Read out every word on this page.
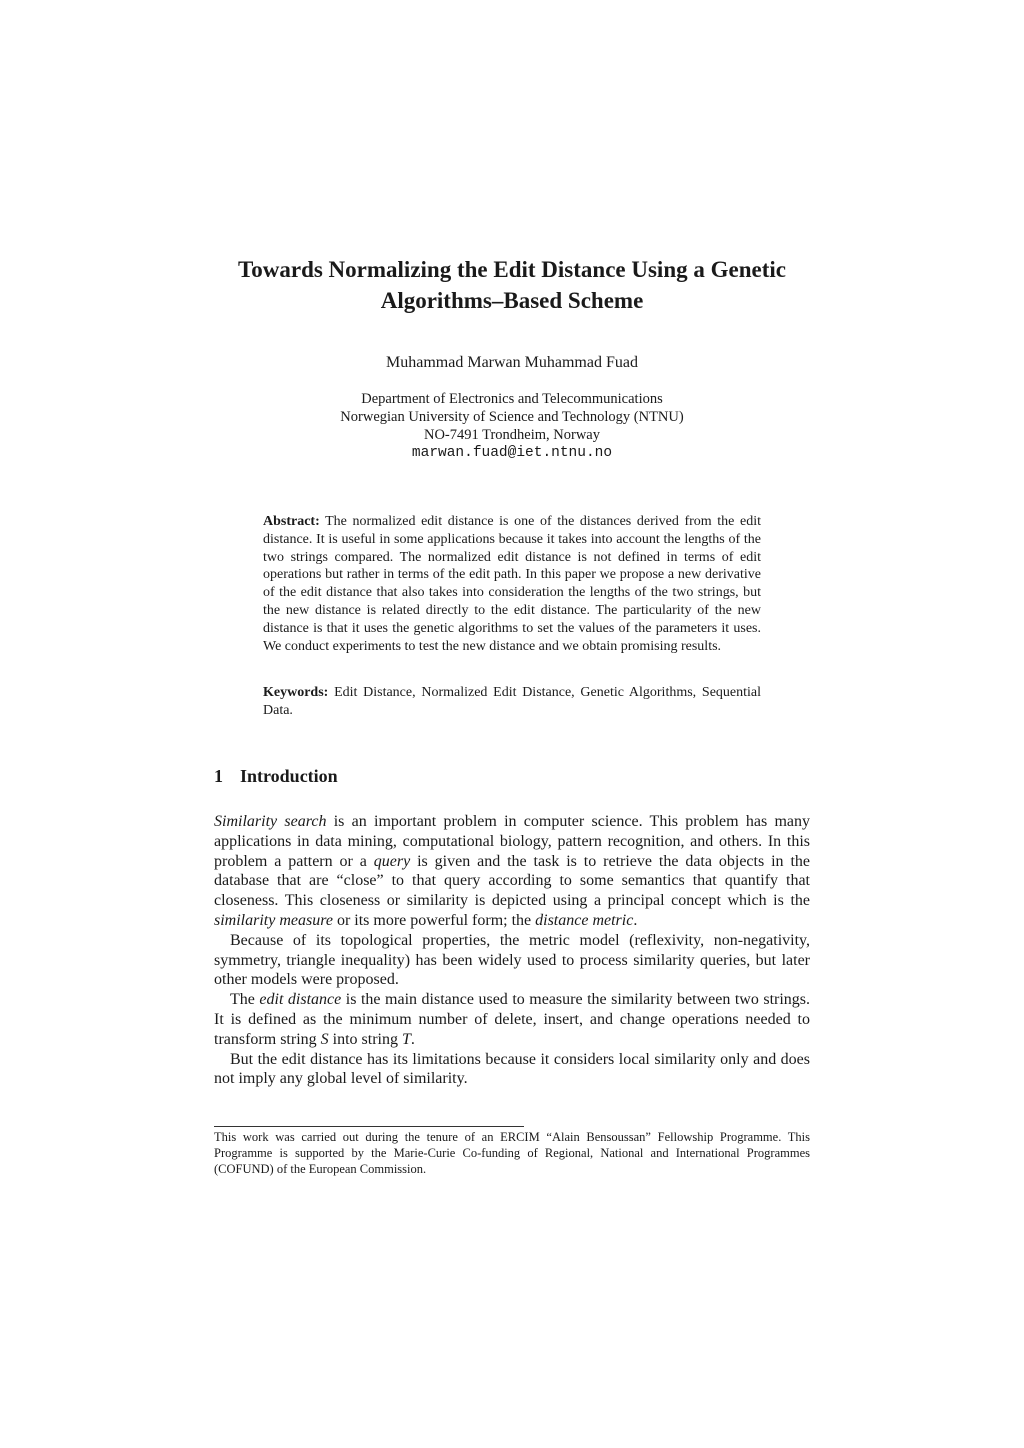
Towards Normalizing the Edit Distance Using a Genetic
Algorithms–Based Scheme
Muhammad Marwan Muhammad Fuad
Department of Electronics and Telecommunications
Norwegian University of Science and Technology (NTNU)
NO-7491 Trondheim, Norway
marwan.fuad@iet.ntnu.no

Abstract: The normalized edit distance is one of the distances derived from the edit distance. It is useful in some applications because it takes into account the lengths of the two strings compared. The normalized edit distance is not defined in terms of edit operations but rather in terms of the edit path. In this paper we propose a new derivative of the edit distance that also takes into consideration the lengths of the two strings, but the new distance is related directly to the edit distance. The particularity of the new distance is that it uses the genetic algorithms to set the values of the parameters it uses. We conduct experiments to test the new distance and we obtain promising results.

Keywords: Edit Distance, Normalized Edit Distance, Genetic Algorithms, Sequential Data.

1 Introduction

Similarity search is an important problem in computer science. This problem has many applications in data mining, computational biology, pattern recognition, and others. In this problem a pattern or a query is given and the task is to retrieve the data objects in the database that are “close” to that query according to some semantics that quantify that closeness. This closeness or similarity is depicted using a principal concept which is the similarity measure or its more powerful form; the distance metric.

Because of its topological properties, the metric model (reflexivity, non-negativity, symmetry, triangle inequality) has been widely used to process similarity queries, but later other models were proposed.

The edit distance is the main distance used to measure the similarity between two strings. It is defined as the minimum number of delete, insert, and change operations needed to transform string S into string T.

But the edit distance has its limitations because it considers local similarity only and does not imply any global level of similarity.

This work was carried out during the tenure of an ERCIM “Alain Bensoussan” Fellowship Programme. This Programme is supported by the Marie-Curie Co-funding of Regional, National and International Programmes (COFUND) of the European Commission.
